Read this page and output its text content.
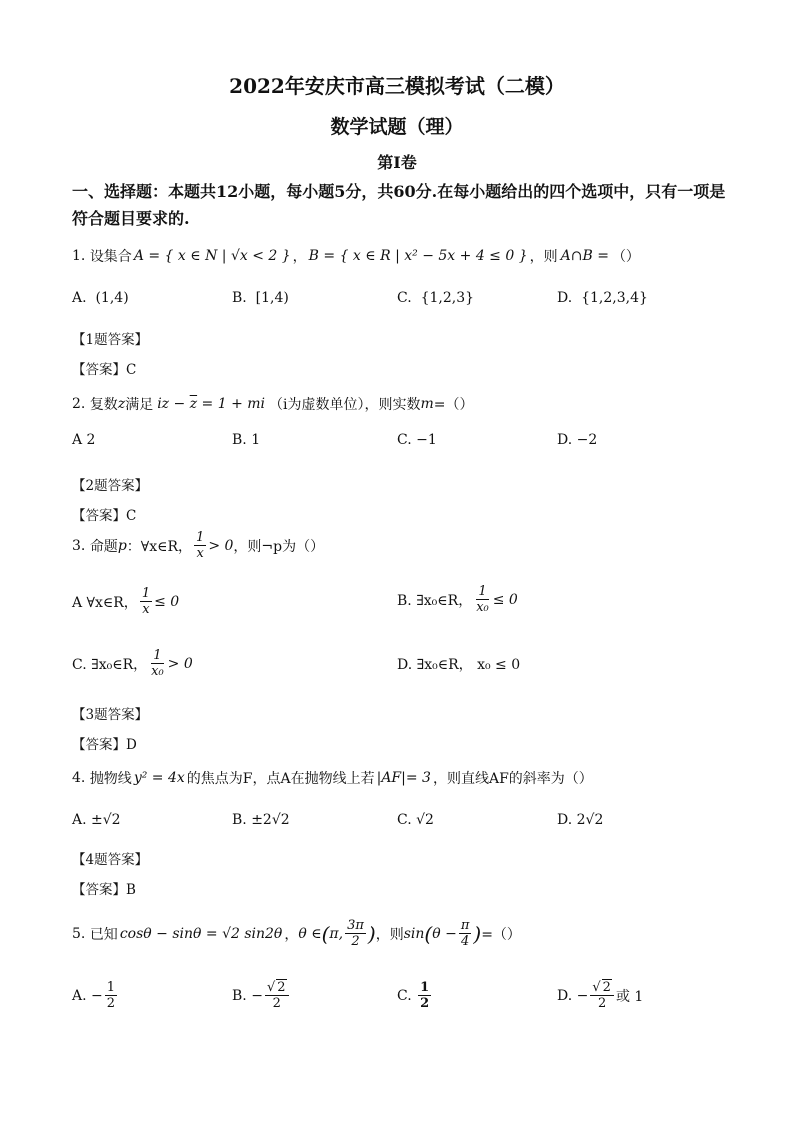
2022年安庆市高三模拟考试（二模）
数学试题（理）
第I卷
一、选择题：本题共12小题，每小题5分，共60分.在每小题给出的四个选项中，只有一项是符合题目要求的.
1.
设集合 A = { x ∈ N | √x < 2 } ， B = { x ∈ R | x² − 5x + 4 ≤ 0 } ，则 A∩B = （）
A.
(1,4)	B.
[1,4)	C.
{1,2,3}	D.
{1,2,3,4}
【1题答案】
【答案】C
2.
复数 z 满足 iz − $\overline{z} = 1$ + mi （i为虚数单位），则实数 m =（）
A 2	B. 1	C. −1	D. −2
【2题答案】
【答案】C
3.
命题 p ：∀x∈R， $\frac{1}{x} > 0$ ，则¬p为（）
A ∀x∈R， $\frac{1}{x} \le 0$	B. ∃x₀∈R， $\frac{1}{\text{x₀}} \le 0$
C. ∃x₀∈R， $\frac{1}{\text{x₀}} > 0$	D. ∃x₀∈R， x₀ ≤ 0
【3题答案】
【答案】D
4.
抛物线 y² = 4x 的焦点为F，点A在抛物线上若 |AF|= 3 ，则直线AF的斜率为（）
A. ±√2	B. ±2√2	C. √2	D. 2√2
【4题答案】
【答案】B
5.
已知 cosθ − sinθ = √2 sin2θ ， θ ∈ ( π, $\frac{3\pi}{2}$ ) ，则 sin ( $\theta - \frac{\pi}{4}$ ) =（）
A. − $\frac{1}{2}$	B. − $\frac{√ 2}{2}$	C.
$\frac{1}{2}$	D. − $\frac{√ 2}{2}$ 或 1
